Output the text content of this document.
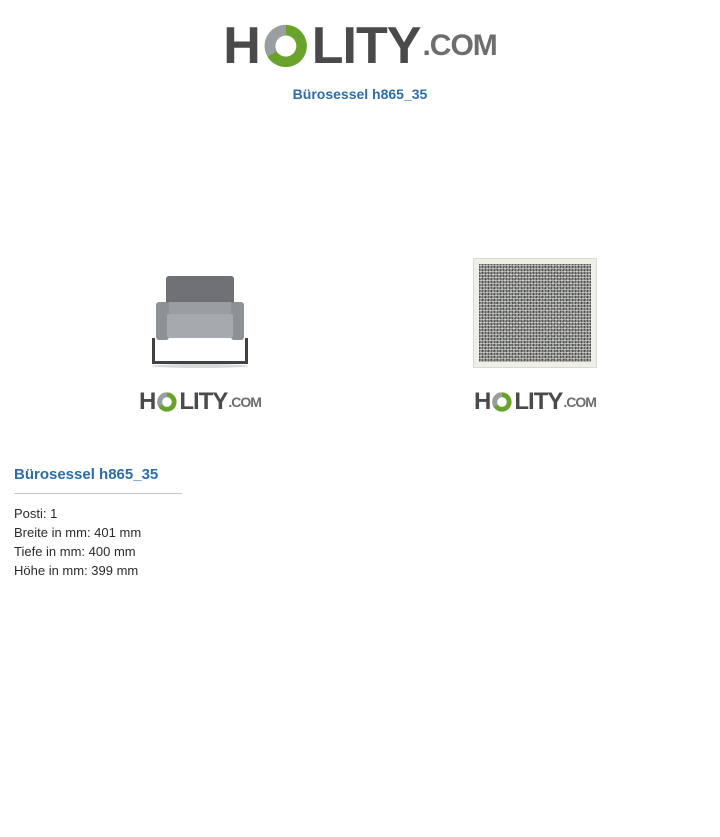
H LITY .COM
Bürosessel h865_35
H LITY .COM	H LITY .COM
Bürosessel h865_35
Posti: 1
Breite in mm: 401 mm
Tiefe in mm: 400 mm
Höhe in mm: 399 mm
